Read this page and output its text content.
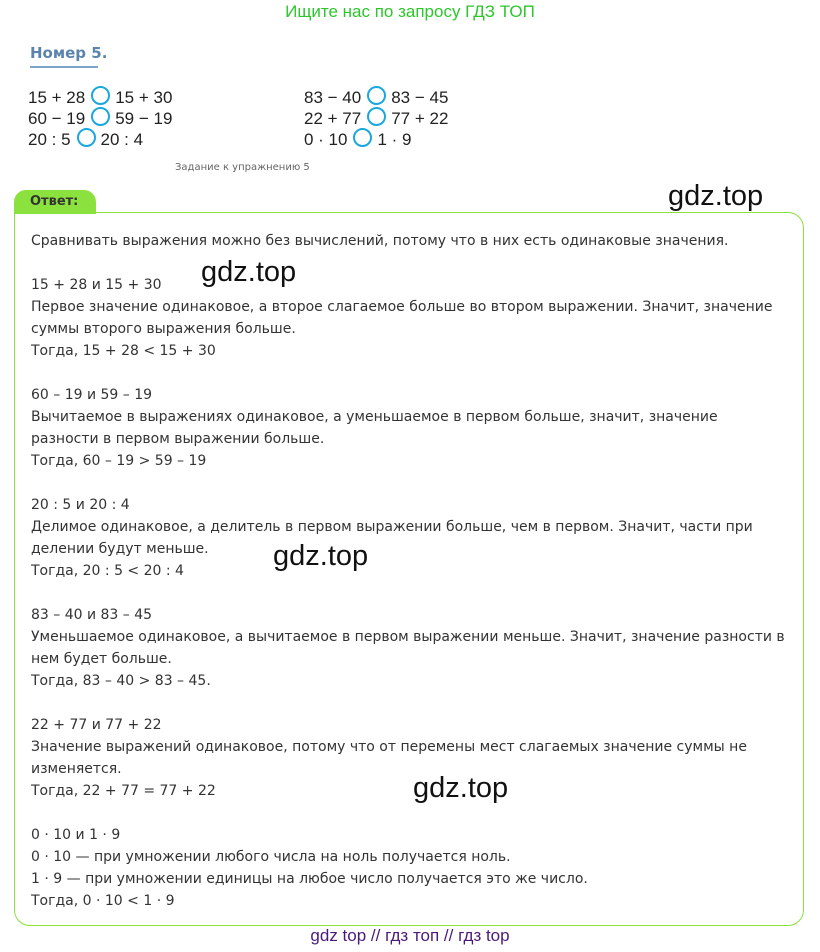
Ищите нас по запросу ГДЗ ТОП
Номер 5.
15 + 28 15 + 30
60 − 19 59 − 19
20 : 5 20 : 4
83 − 40 83 − 45
22 + 77 77 + 22
0 · 10 1 · 9
Задание к упражнению 5
Ответ:

Сравнивать выражения можно без вычислений, потому что в них есть одинаковые значения.

15 + 28 и 15 + 30

Первое значение одинаковое, а второе слагаемое больше во втором выражении. Значит, значение

суммы второго выражения больше.

Тогда, 15 + 28 < 15 + 30

60 – 19 и 59 – 19

Вычитаемое в выражениях одинаковое, а уменьшаемое в первом больше, значит, значение

разности в первом выражении больше.

Тогда, 60 – 19 > 59 – 19

20 : 5 и 20 : 4

Делимое одинаковое, а делитель в первом выражении больше, чем в первом. Значит, части при

делении будут меньше.

Тогда, 20 : 5 < 20 : 4

83 – 40 и 83 – 45

Уменьшаемое одинаковое, а вычитаемое в первом выражении меньше. Значит, значение разности в

нем будет больше.

Тогда, 83 – 40 > 83 – 45.

22 + 77 и 77 + 22

Значение выражений одинаковое, потому что от перемены мест слагаемых значение суммы не

изменяется.

Тогда, 22 + 77 = 77 + 22

0 · 10 и 1 · 9

0 · 10 — при умножении любого числа на ноль получается ноль.

1 · 9 — при умножении единицы на любое число получается это же число.

Тогда, 0 · 10 < 1 · 9

gdz.top
gdz.top
gdz.top
gdz.top
gdz top // гдз топ // гдз top
